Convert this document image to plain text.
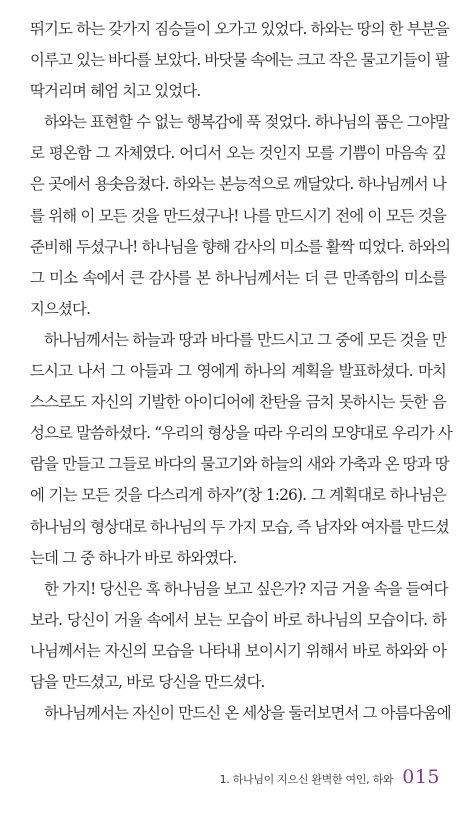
뛰기도 하는 갖가지 짐승들이 오가고 있었다. 하와는 땅의 한 부분을
이루고 있는 바다를 보았다. 바닷물 속에는 크고 작은 물고기들이 팔
딱거리며 헤엄 치고 있었다.
하와는 표현할 수 없는 행복감에 푹 젖었다. 하나님의 품은 그야말
로 평온함 그 자체였다. 어디서 오는 것인지 모를 기쁨이 마음속 깊
은 곳에서 용솟음쳤다. 하와는 본능적으로 깨달았다. 하나님께서 나
를 위해 이 모든 것을 만드셨구나! 나를 만드시기 전에 이 모든 것을
준비해 두셨구나! 하나님을 향해 감사의 미소를 활짝 띠었다. 하와의
그 미소 속에서 큰 감사를 본 하나님께서는 더 큰 만족함의 미소를
지으셨다.
하나님께서는 하늘과 땅과 바다를 만드시고 그 중에 모든 것을 만
드시고 나서 그 아들과 그 영에게 하나의 계획을 발표하셨다. 마치
스스로도 자신의 기발한 아이디어에 찬탄을 금치 못하시는 듯한 음
성으로 말씀하셨다. “우리의 형상을 따라 우리의 모양대로 우리가 사
람을 만들고 그들로 바다의 물고기와 하늘의 새와 가축과 온 땅과 땅
에 기는 모든 것을 다스리게 하자”(창 1:26). 그 계획대로 하나님은
하나님의 형상대로 하나님의 두 가지 모습, 즉 남자와 여자를 만드셨
는데 그 중 하나가 바로 하와였다.
한 가지! 당신은 혹 하나님을 보고 싶은가? 지금 거울 속을 들여다
보라. 당신이 거울 속에서 보는 모습이 바로 하나님의 모습이다. 하
나님께서는 자신의 모습을 나타내 보이시기 위해서 바로 하와와 아
담을 만드셨고, 바로 당신을 만드셨다.
하나님께서는 자신이 만드신 온 세상을 둘러보면서 그 아름다움에
1. 하나님이 지으신 완벽한 여인, 하와 015
